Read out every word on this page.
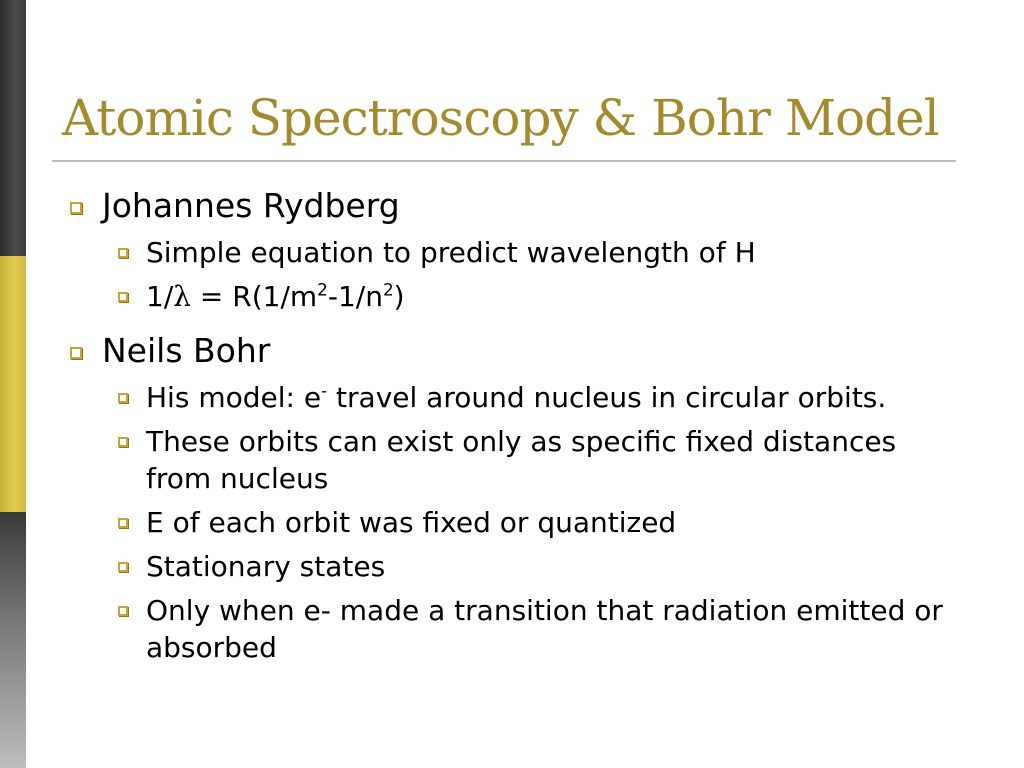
Atomic Spectroscopy & Bohr Model
Johannes Rydberg
Simple equation to predict wavelength of H
$1/\lambda = R(1/m^2-1/n^2)$
Neils Bohr
His model: e- travel around nucleus in circular orbits.
These orbits can exist only as specific fixed distances from nucleus
E of each orbit was fixed or quantized
Stationary states
Only when e- made a transition that radiation emitted or absorbed
